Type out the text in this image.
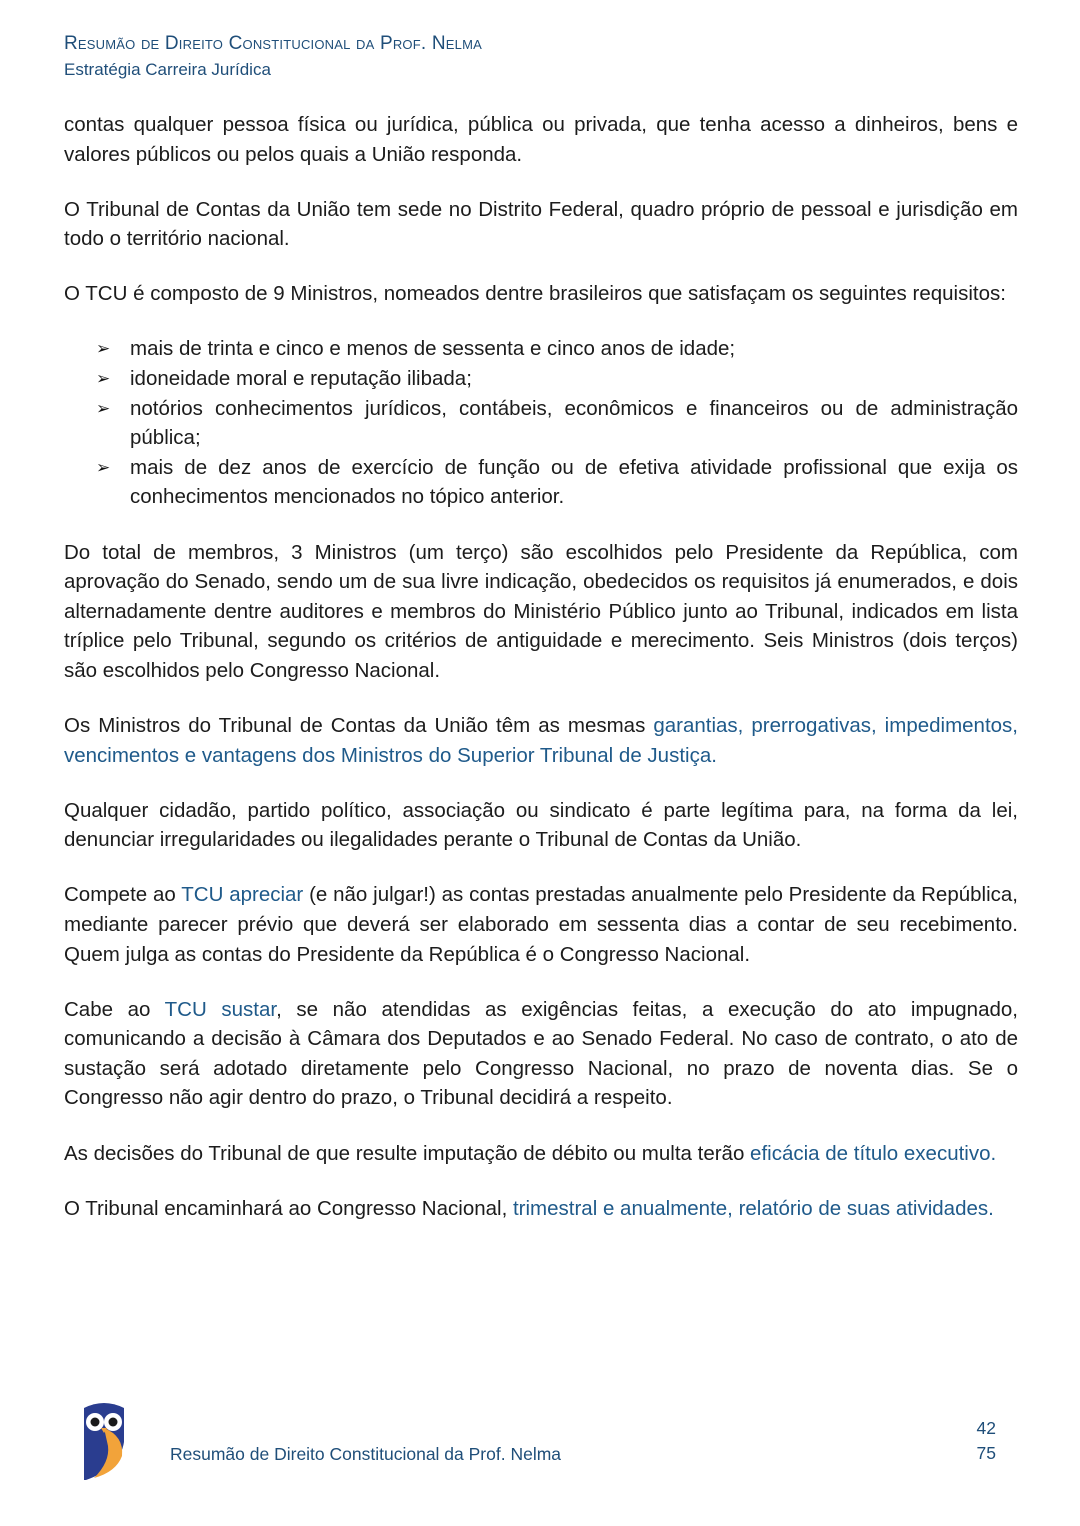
Resumão de Direito Constitucional da Prof. Nelma
Estratégia Carreira Jurídica

contas qualquer pessoa física ou jurídica, pública ou privada, que tenha acesso a dinheiros, bens e valores públicos ou pelos quais a União responda.

O Tribunal de Contas da União tem sede no Distrito Federal, quadro próprio de pessoal e jurisdição em todo o território nacional.

O TCU é composto de 9 Ministros, nomeados dentre brasileiros que satisfaçam os seguintes requisitos:

➢ mais de trinta e cinco e menos de sessenta e cinco anos de idade;
➢ idoneidade moral e reputação ilibada;
➢ notórios conhecimentos jurídicos, contábeis, econômicos e financeiros ou de administração pública;
➢ mais de dez anos de exercício de função ou de efetiva atividade profissional que exija os conhecimentos mencionados no tópico anterior.

Do total de membros, 3 Ministros (um terço) são escolhidos pelo Presidente da República, com aprovação do Senado, sendo um de sua livre indicação, obedecidos os requisitos já enumerados, e dois alternadamente dentre auditores e membros do Ministério Público junto ao Tribunal, indicados em lista tríplice pelo Tribunal, segundo os critérios de antiguidade e merecimento. Seis Ministros (dois terços) são escolhidos pelo Congresso Nacional.

Os Ministros do Tribunal de Contas da União têm as mesmas garantias, prerrogativas, impedimentos, vencimentos e vantagens dos Ministros do Superior Tribunal de Justiça.

Qualquer cidadão, partido político, associação ou sindicato é parte legítima para, na forma da lei, denunciar irregularidades ou ilegalidades perante o Tribunal de Contas da União.

Compete ao TCU apreciar (e não julgar!) as contas prestadas anualmente pelo Presidente da República, mediante parecer prévio que deverá ser elaborado em sessenta dias a contar de seu recebimento. Quem julga as contas do Presidente da República é o Congresso Nacional.

Cabe ao TCU sustar, se não atendidas as exigências feitas, a execução do ato impugnado, comunicando a decisão à Câmara dos Deputados e ao Senado Federal. No caso de contrato, o ato de sustação será adotado diretamente pelo Congresso Nacional, no prazo de noventa dias. Se o Congresso não agir dentro do prazo, o Tribunal decidirá a respeito.

As decisões do Tribunal de que resulte imputação de débito ou multa terão eficácia de título executivo.

O Tribunal encaminhará ao Congresso Nacional, trimestral e anualmente, relatório de suas atividades.

Resumão de Direito Constitucional da Prof. Nelma
42
75
